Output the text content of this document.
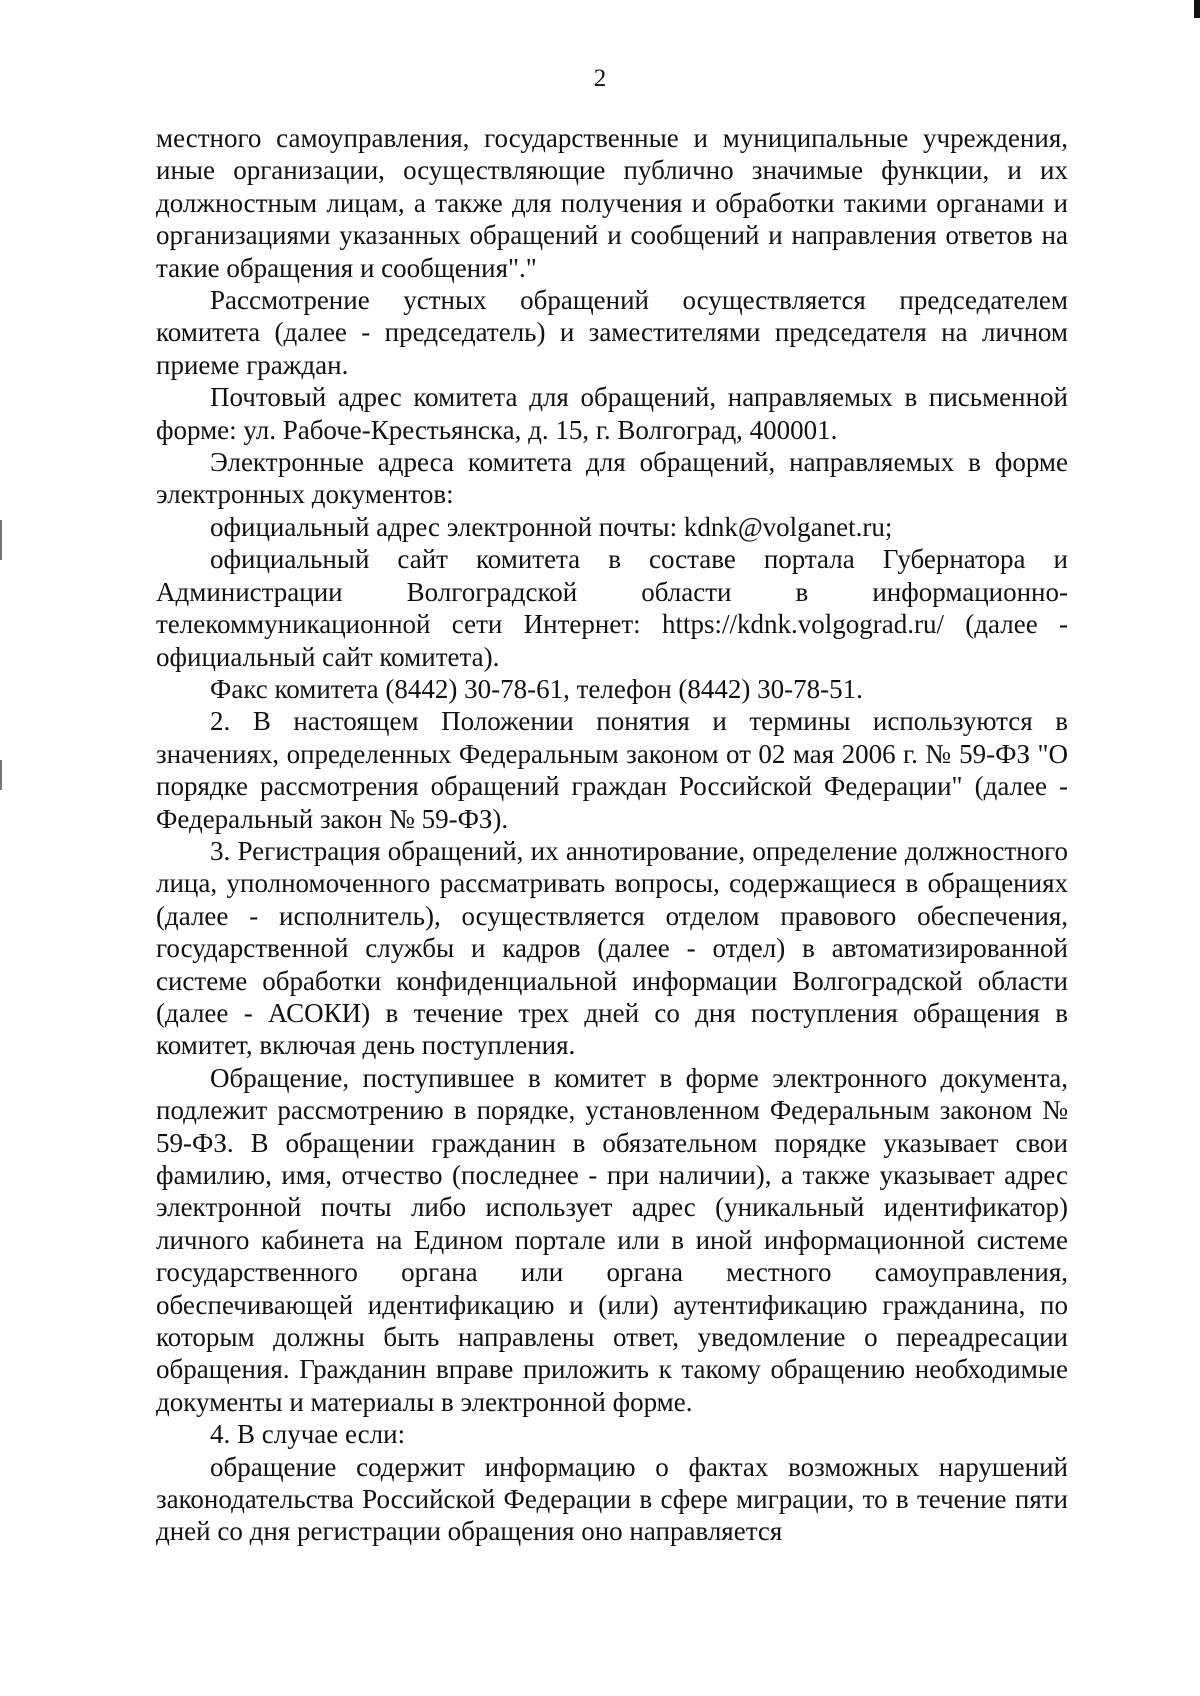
2

местного самоуправления, государственные и муниципальные учреждения, иные организации, осуществляющие публично значимые функции, и их должностным лицам, а также для получения и обработки такими органами и организациями указанных обращений и сообщений и направления ответов на такие обращения и сообщения"."

Рассмотрение устных обращений осуществляется председателем комитета (далее - председатель) и заместителями председателя на личном приеме граждан.

Почтовый адрес комитета для обращений, направляемых в письменной форме: ул. Рабоче-Крестьянска, д. 15, г. Волгоград, 400001.

Электронные адреса комитета для обращений, направляемых в форме электронных документов:

официальный адрес электронной почты: kdnk@volganet.ru;

официальный сайт комитета в составе портала Губернатора и Администрации Волгоградской области в информационно-телекоммуникационной сети Интернет: https://kdnk.volgograd.ru/ (далее - официальный сайт комитета).

Факс комитета (8442) 30-78-61, телефон (8442) 30-78-51.

2. В настоящем Положении понятия и термины используются в значениях, определенных Федеральным законом от 02 мая 2006 г. № 59-ФЗ "О порядке рассмотрения обращений граждан Российской Федерации" (далее - Федеральный закон № 59-ФЗ).

3. Регистрация обращений, их аннотирование, определение должностного лица, уполномоченного рассматривать вопросы, содержащиеся в обращениях (далее - исполнитель), осуществляется отделом правового обеспечения, государственной службы и кадров (далее - отдел) в автоматизированной системе обработки конфиденциальной информации Волгоградской области (далее - АСОКИ) в течение трех дней со дня поступления обращения в комитет, включая день поступления.

Обращение, поступившее в комитет в форме электронного документа, подлежит рассмотрению в порядке, установленном Федеральным законом № 59-ФЗ. В обращении гражданин в обязательном порядке указывает свои фамилию, имя, отчество (последнее - при наличии), а также указывает адрес электронной почты либо использует адрес (уникальный идентификатор) личного кабинета на Едином портале или в иной информационной системе государственного органа или органа местного самоуправления, обеспечивающей идентификацию и (или) аутентификацию гражданина, по которым должны быть направлены ответ, уведомление о переадресации обращения. Гражданин вправе приложить к такому обращению необходимые документы и материалы в электронной форме.

4. В случае если:

обращение содержит информацию о фактах возможных нарушений законодательства Российской Федерации в сфере миграции, то в течение пяти дней со дня регистрации обращения оно направляется
